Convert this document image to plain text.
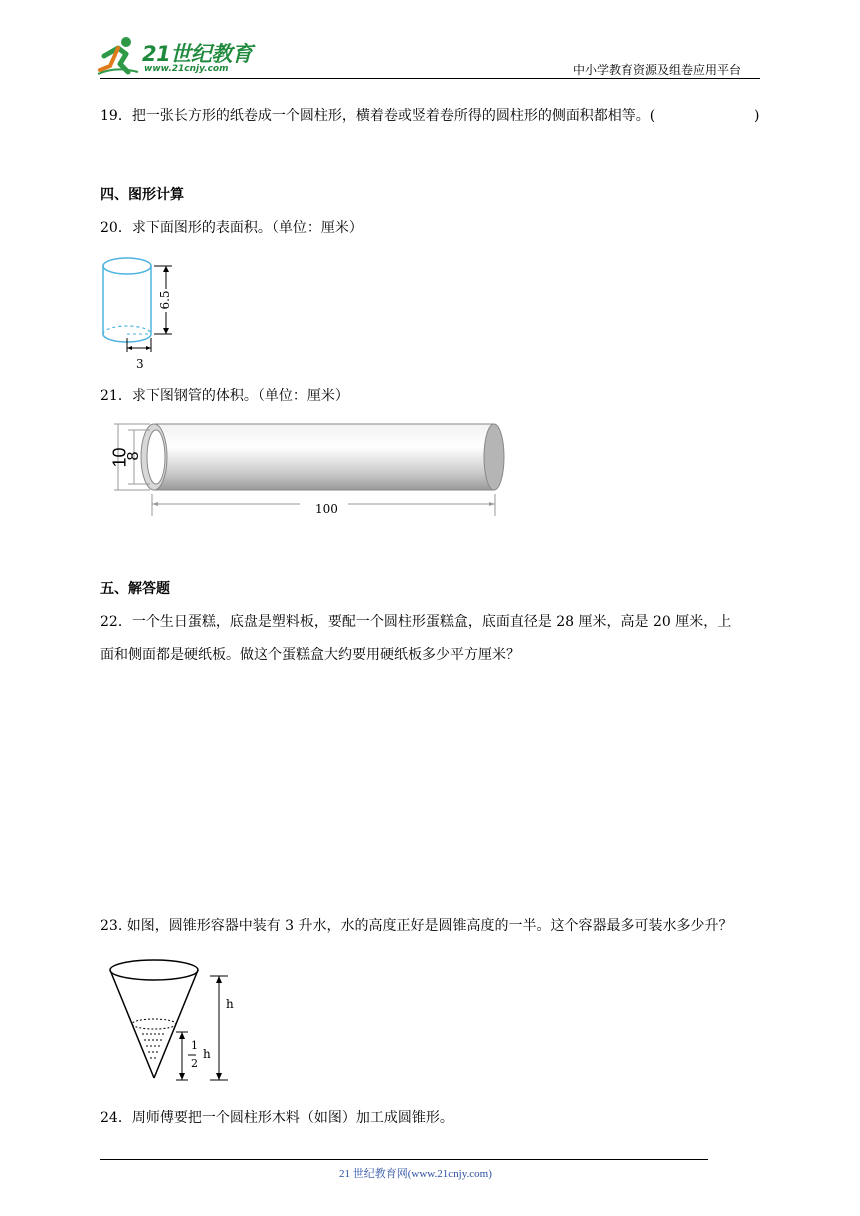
21世纪教育
www.21cnjy.com	中小学教育资源及组卷应用平台
19．把一张长方形的纸卷成一个圆柱形，横着卷或竖着卷所得的圆柱形的侧面积都相等。(	)
四、图形计算
20．求下面图形的表面积。（单位：厘米）
6.5
3
21．求下图钢管的体积。（单位：厘米）
10
8
100
五、解答题
22．一个生日蛋糕，底盘是塑料板，要配一个圆柱形蛋糕盒，底面直径是 28 厘米，高是 20 厘米，上
面和侧面都是硬纸板。做这个蛋糕盒大约要用硬纸板多少平方厘米？
23. 如图，圆锥形容器中装有 3 升水，水的高度正好是圆锥高度的一半。这个容器最多可装水多少升？
h
1
2
h
24．周师傅要把一个圆柱形木料（如图）加工成圆锥形。
21 世纪教育网(www.21cnjy.com)
